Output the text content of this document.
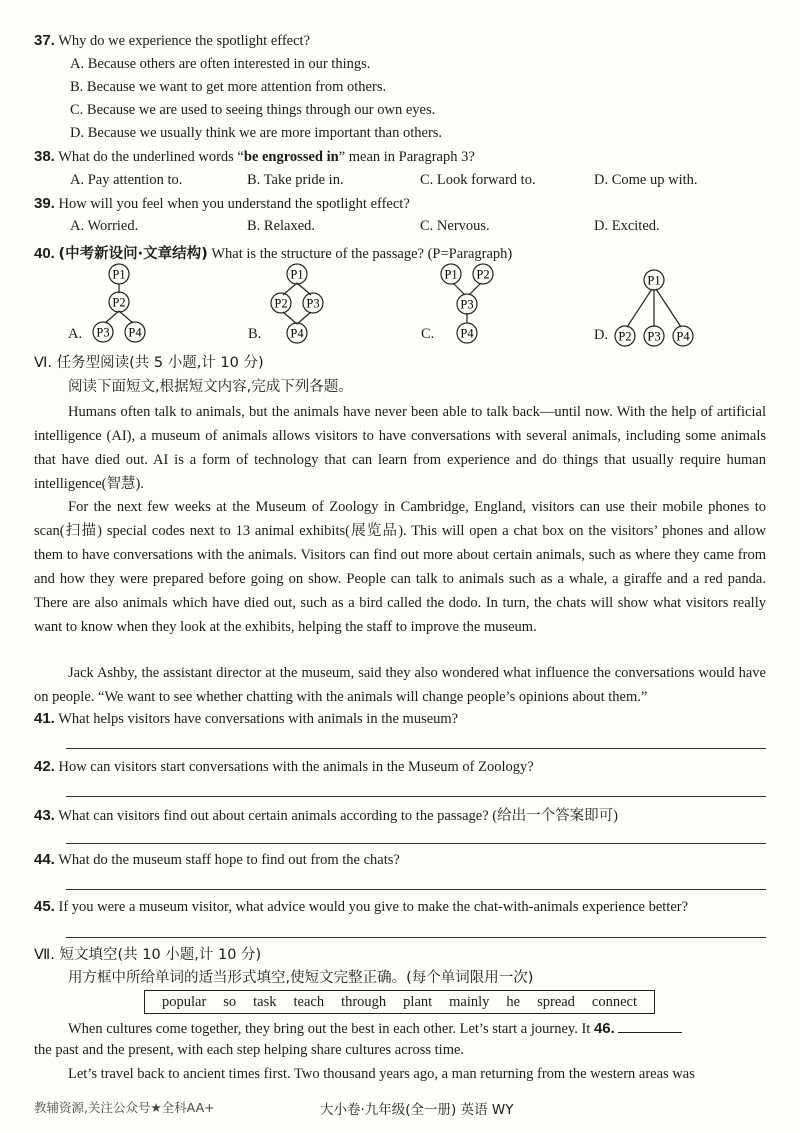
37. Why do we experience the spotlight effect?
A. Because others are often interested in our things.
B. Because we want to get more attention from others.
C. Because we are used to seeing things through our own eyes.
D. Because we usually think we are more important than others.
38. What do the underlined words “be engrossed in” mean in Paragraph 3?
A. Pay attention to.	B. Take pride in.	C. Look forward to.	D. Come up with.
39. How will you feel when you understand the spotlight effect?
A. Worried.	B. Relaxed.	C. Nervous.	D. Excited.
40. (中考新设问·文章结构) What is the structure of the passage? (P=Paragraph)
A.
P1
P2
P3 P4	B.
P1
P2 P3
P4	C.
P1 P2
P3
P4	D.
P1
P2 P3 P4
Ⅵ. 任务型阅读(共 5 小题,计 10 分)
阅读下面短文,根据短文内容,完成下列各题。
Humans often talk to animals, but the animals have never been able to talk back—until now. With the help of artificial intelligence (AI), a museum of animals allows visitors to have conversations with several animals, including some animals that have died out. AI is a form of technology that can learn from experience and do things that usually require human intelligence(智慧).
For the next few weeks at the Museum of Zoology in Cambridge, England, visitors can use their mobile phones to scan(扫描) special codes next to 13 animal exhibits(展览品). This will open a chat box on the visitors’ phones and allow them to have conversations with the animals. Visitors can find out more about certain animals, such as where they came from and how they were prepared before going on show. People can talk to animals such as a whale, a giraffe and a red panda. There are also animals which have died out, such as a bird called the dodo. In turn, the chats will show what visitors really want to know when they look at the exhibits, helping the staff to improve the museum.
Jack Ashby, the assistant director at the museum, said they also wondered what influence the conversations would have on people. “We want to see whether chatting with the animals will change people’s opinions about them.”
41. What helps visitors have conversations with animals in the museum?
42. How can visitors start conversations with the animals in the Museum of Zoology?
43. What can visitors find out about certain animals according to the passage? (给出一个答案即可)
44. What do the museum staff hope to find out from the chats?
45. If you were a museum visitor, what advice would you give to make the chat-with-animals experience better?
Ⅶ. 短文填空(共 10 小题,计 10 分)
用方框中所给单词的适当形式填空,使短文完整正确。(每个单词限用一次)
popular so task teach through plant mainly he spread connect
When cultures come together, they bring out the best in each other. Let’s start a journey. It 46.
the past and the present, with each step helping share cultures across time.
Let’s travel back to ancient times first. Two thousand years ago, a man returning from the western areas was
教辅资源,关注公众号★全科AA+	大小卷·九年级(全一册) 英语 WY
